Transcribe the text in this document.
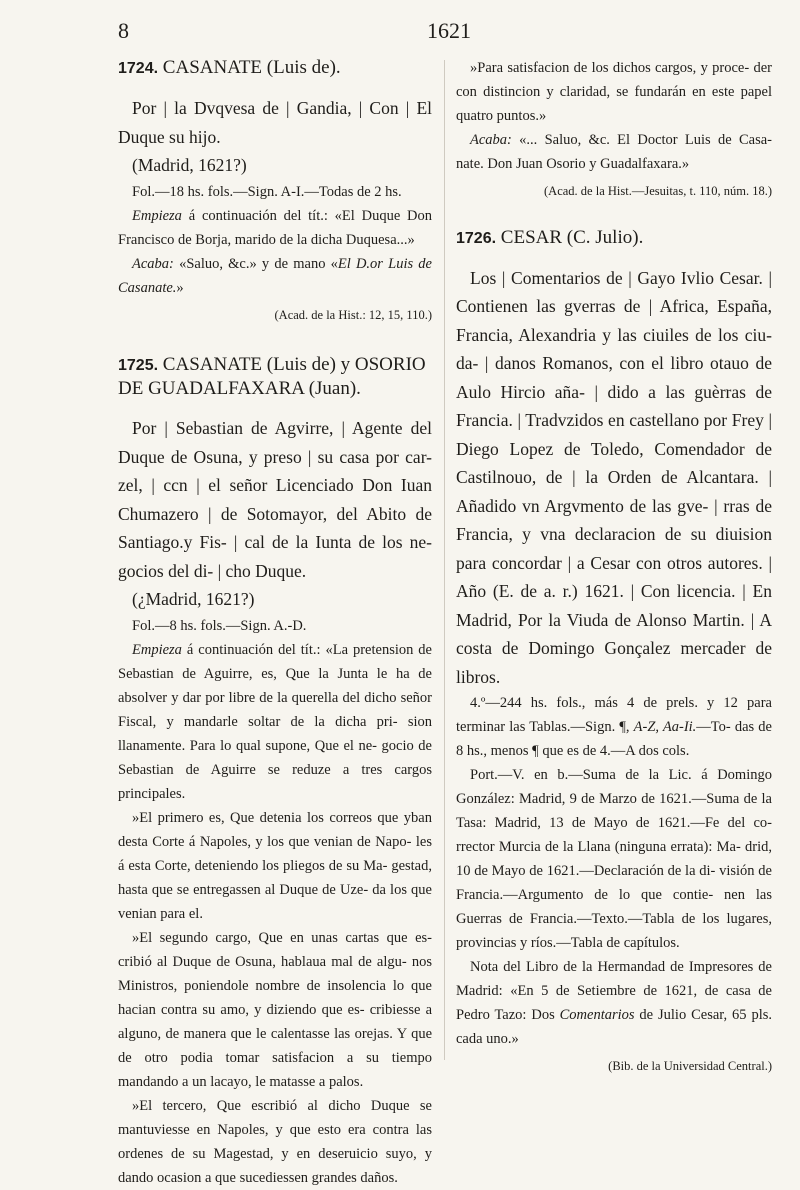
8	1621
1724. CASANATE (Luis de).

Por | la Dvqvesa de | Gandia, | Con | El Duque su hijo.

(Madrid, 1621?)

Fol.—18 hs. fols.—Sign. A-I.—Todas de 2 hs.

Empieza á continuación del tít.: «El Duque Don Francisco de Borja, marido de la dicha Duquesa...»

Acaba: «Saluo, &c.» y de mano «El D.or Luis de Casanate.»

(Acad. de la Hist.: 12, 15, 110.)

1725. CASANATE (Luis de) y OSORIO DE GUADALFAXARA (Juan).

Por | Sebastian de Agvirre, | Agente del Duque de Osuna, y preso | su casa por car- zel, | ccn | el señor Licenciado Don Iuan Chumazero | de Sotomayor, del Abito de Santiago.y Fis- | cal de la Iunta de los ne- gocios del di- | cho Duque.

(¿Madrid, 1621?)

Fol.—8 hs. fols.—Sign. A.-D.

Empieza á continuación del tít.: «La pretension de Sebastian de Aguirre, es, Que la Junta le ha de absolver y dar por libre de la querella del dicho señor Fiscal, y mandarle soltar de la dicha pri- sion llanamente. Para lo qual supone, Que el ne- gocio de Sebastian de Aguirre se reduze a tres cargos principales.

»El primero es, Que detenia los correos que yban desta Corte á Napoles, y los que venian de Napo- les á esta Corte, deteniendo los pliegos de su Ma- gestad, hasta que se entregassen al Duque de Uze- da los que venian para el.

»El segundo cargo, Que en unas cartas que es- cribió al Duque de Osuna, hablaua mal de algu- nos Ministros, poniendole nombre de insolencia lo que hacian contra su amo, y diziendo que es- cribiesse a alguno, de manera que le calentasse las orejas. Y que de otro podia tomar satisfacion a su tiempo mandando a un lacayo, le matasse a palos.

»El tercero, Que escribió al dicho Duque se mantuviesse en Napoles, y que esto era contra las ordenes de su Magestad, y en deseruicio suyo, y dando ocasion a que sucediessen grandes daños.

»Para satisfacion de los dichos cargos, y proce- der con distincion y claridad, se fundarán en este papel quatro puntos.»

Acaba: «... Saluo, &c. El Doctor Luis de Casa- nate. Don Juan Osorio y Guadalfaxara.»

(Acad. de la Hist.—Jesuitas, t. 110, núm. 18.)

1726. CESAR (C. Julio).

Los | Comentarios de | Gayo Ivlio Cesar. | Contienen las gverras de | Africa, España, Francia, Alexandria y las ciuiles de los ciu- da- | danos Romanos, con el libro otauo de Aulo Hircio aña- | dido a las guèrras de Francia. | Tradvzidos en castellano por Frey | Diego Lopez de Toledo, Comendador de Castilnouo, de | la Orden de Alcantara. | Añadido vn Argvmento de las gve- | rras de Francia, y vna declaracion de su diuision para concordar | a Cesar con otros autores. | Año (E. de a. r.) 1621. | Con licencia. | En Madrid, Por la Viuda de Alonso Martin. | A costa de Domingo Gonçalez mercader de libros.

4.º—244 hs. fols., más 4 de prels. y 12 para terminar las Tablas.—Sign. ¶, A-Z, Aa-Ii.—To- das de 8 hs., menos ¶ que es de 4.—A dos cols.

Port.—V. en b.—Suma de la Lic. á Domingo González: Madrid, 9 de Marzo de 1621.—Suma de la Tasa: Madrid, 13 de Mayo de 1621.—Fe del co- rrector Murcia de la Llana (ninguna errata): Ma- drid, 10 de Mayo de 1621.—Declaración de la di- visión de Francia.—Argumento de lo que contie- nen las Guerras de Francia.—Texto.—Tabla de los lugares, provincias y ríos.—Tabla de capítulos.

Nota del Libro de la Hermandad de Impresores de Madrid: «En 5 de Setiembre de 1621, de casa de Pedro Tazo: Dos Comentarios de Julio Cesar, 65 pls. cada uno.»

(Bib. de la Universidad Central.)
